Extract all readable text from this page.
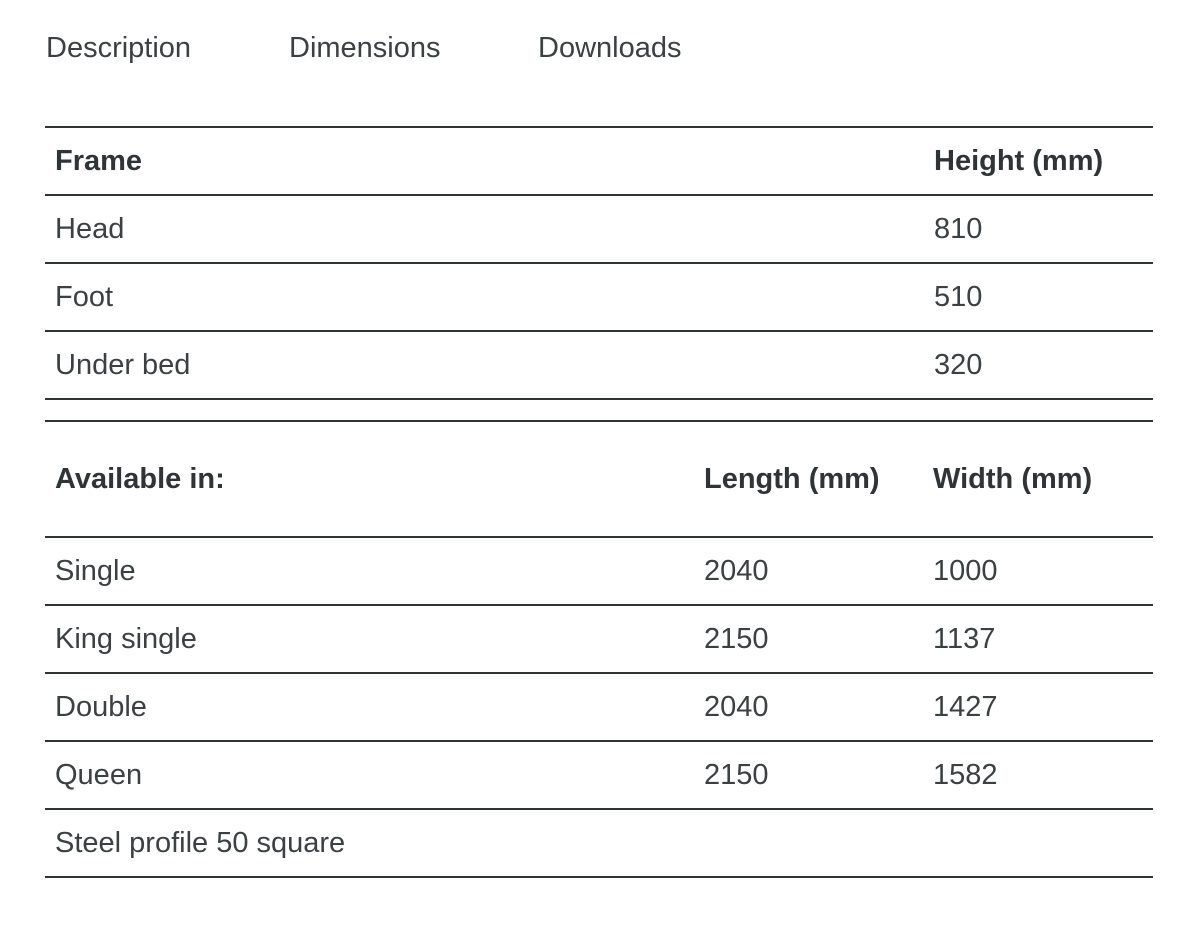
Description	Dimensions	Downloads
Frame	Height (mm)
Head	810
Foot	510
Under bed	320
Available in:	Length (mm)	Width (mm)
Single	2040	1000
King single	2150	1137
Double	2040	1427
Queen	2150	1582
Steel profile 50 square		
